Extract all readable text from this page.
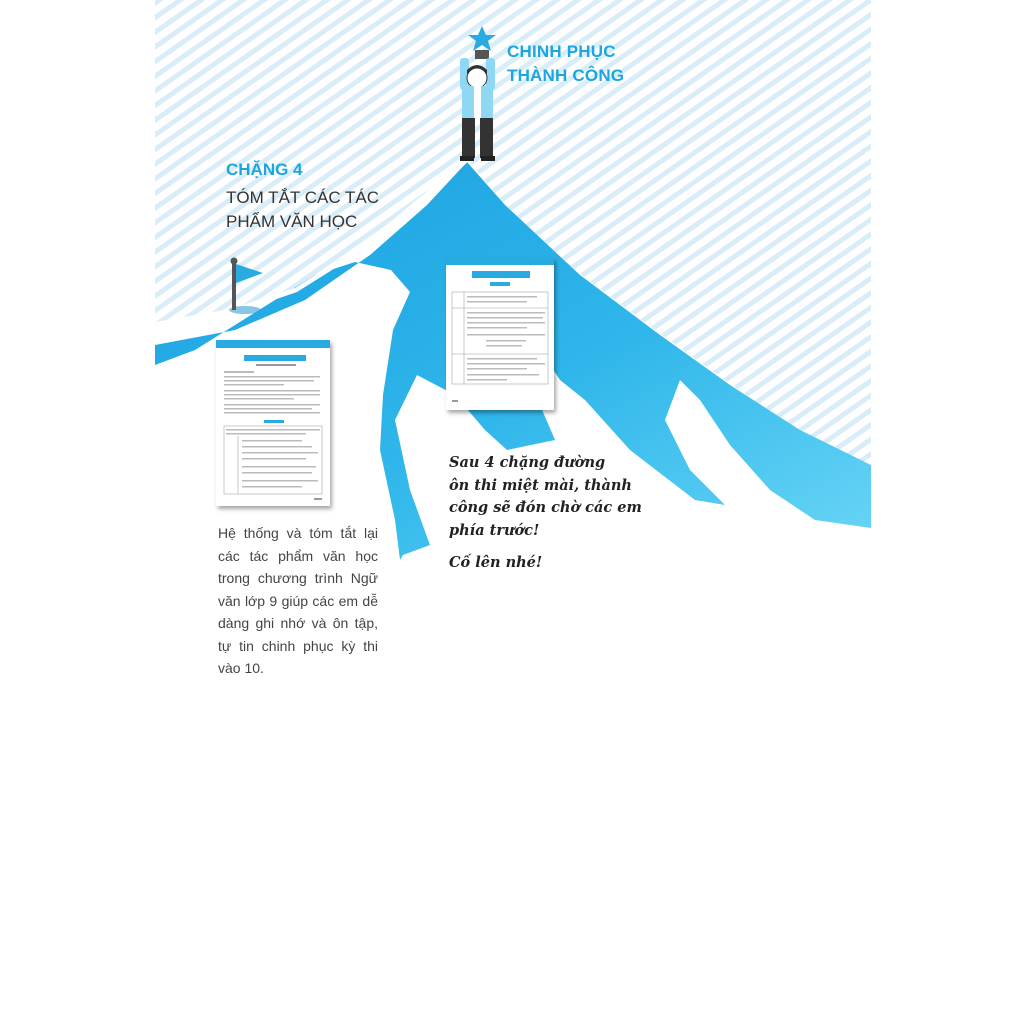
CHINH PHỤC
THÀNH CÔNG
CHẶNG 4
TÓM TẮT CÁC TÁC
PHẨM VĂN HỌC
Hệ thống và tóm tắt lại các tác phẩm văn học trong chương trình Ngữ văn lớp 9 giúp các em dễ dàng ghi nhớ và ôn tập, tự tin chinh phục kỳ thi vào 10.
Sau 4 chặng đường
ôn thi miệt mài, thành
công sẽ đón chờ các em
phía trước!
Cố lên nhé!
